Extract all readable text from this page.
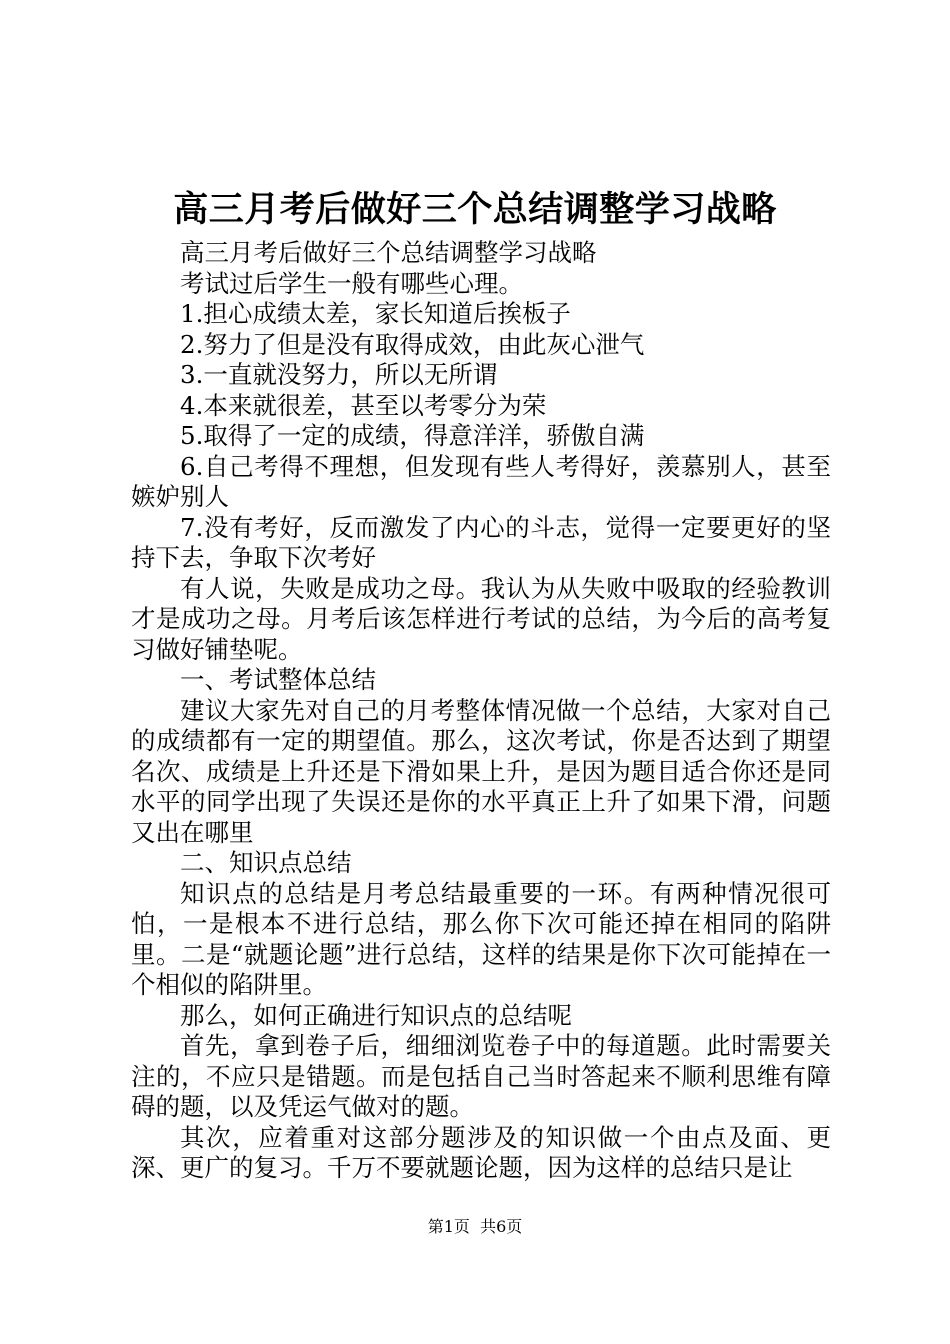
高三月考后做好三个总结调整学习战略

高三月考后做好三个总结调整学习战略

考试过后学生一般有哪些心理。

1.担心成绩太差，家长知道后挨板子

2.努力了但是没有取得成效，由此灰心泄气

3.一直就没努力，所以无所谓

4.本来就很差，甚至以考零分为荣

5.取得了一定的成绩，得意洋洋，骄傲自满

6.自己考得不理想，但发现有些人考得好，羡慕别人，甚至嫉妒别人

7.没有考好，反而激发了内心的斗志，觉得一定要更好的坚持下去，争取下次考好

有人说，失败是成功之母。我认为从失败中吸取的经验教训才是成功之母。月考后该怎样进行考试的总结，为今后的高考复习做好铺垫呢。

一、考试整体总结

建议大家先对自己的月考整体情况做一个总结，大家对自己的成绩都有一定的期望值。那么，这次考试，你是否达到了期望名次、成绩是上升还是下滑如果上升，是因为题目适合你还是同水平的同学出现了失误还是你的水平真正上升了如果下滑，问题又出在哪里

二、知识点总结

知识点的总结是月考总结最重要的一环。有两种情况很可怕，一是根本不进行总结，那么你下次可能还掉在相同的陷阱里。二是“就题论题”进行总结，这样的结果是你下次可能掉在一个相似的陷阱里。

那么，如何正确进行知识点的总结呢

首先，拿到卷子后，细细浏览卷子中的每道题。此时需要关注的，不应只是错题。而是包括自己当时答起来不顺利思维有障碍的题，以及凭运气做对的题。

其次，应着重对这部分题涉及的知识做一个由点及面、更深、更广的复习。千万不要就题论题，因为这样的总结只是让

第1页  共6页
